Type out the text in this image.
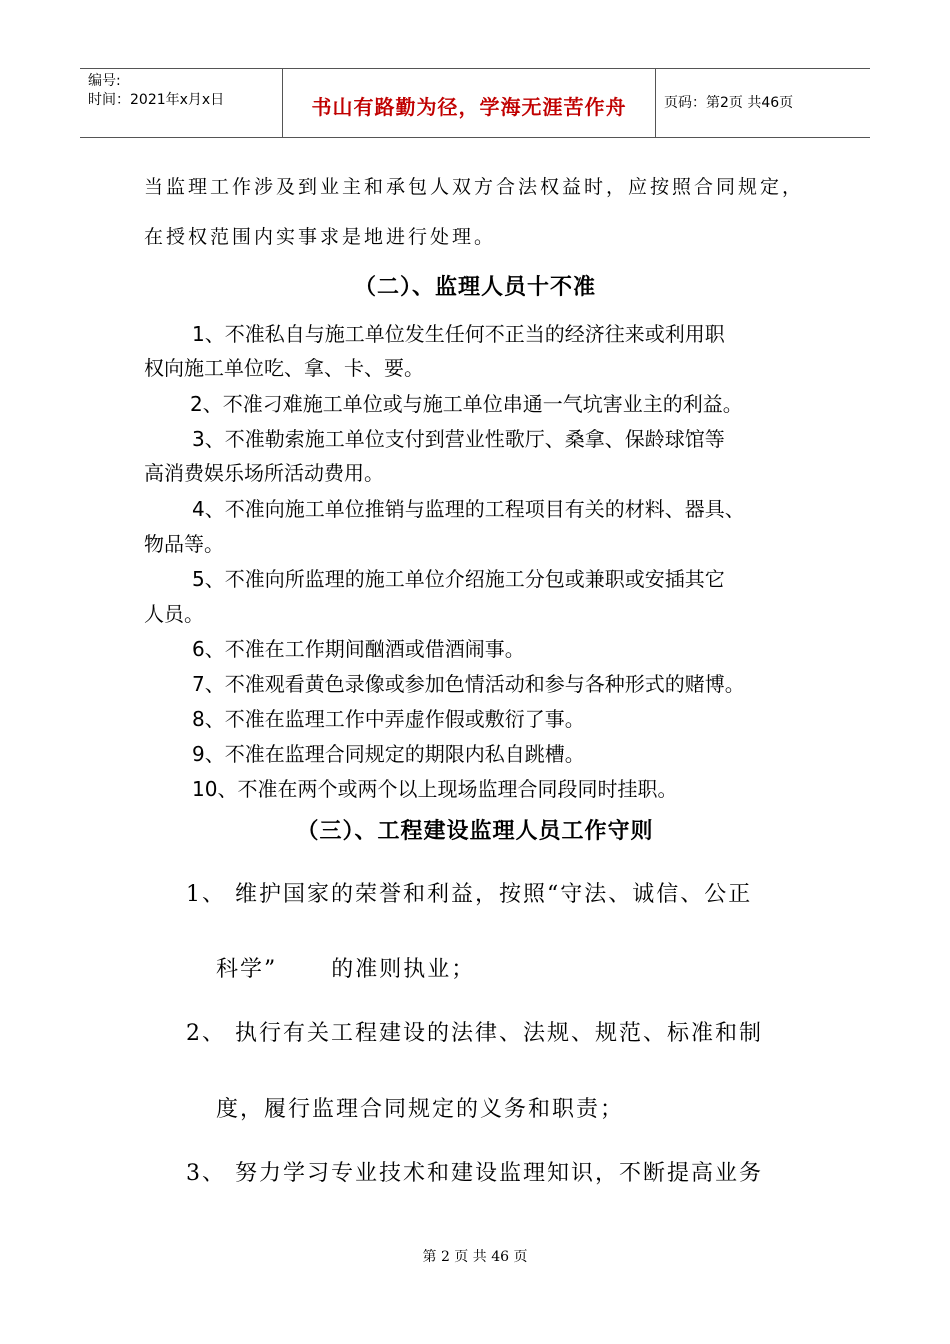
编号:
时间：2021年x月x日	书山有路勤为径，学海无涯苦作舟	页码：第2页 共46页
当监理工作涉及到业主和承包人双方合法权益时，应按照合同规定，
在授权范围内实事求是地进行处理。
（二）、监理人员十不准
1、不准私自与施工单位发生任何不正当的经济往来或利用职
权向施工单位吃、拿、卡、要。
2、不准刁难施工单位或与施工单位串通一气坑害业主的利益。
3、不准勒索施工单位支付到营业性歌厅、桑拿、保龄球馆等
高消费娱乐场所活动费用。
4、不准向施工单位推销与监理的工程项目有关的材料、器具、
物品等。
5、不准向所监理的施工单位介绍施工分包或兼职或安插其它
人员。
6、不准在工作期间酗酒或借酒闹事。
7、不准观看黄色录像或参加色情活动和参与各种形式的赌博。
8、不准在监理工作中弄虚作假或敷衍了事。
9、不准在监理合同规定的期限内私自跳槽。
10、不准在两个或两个以上现场监理合同段同时挂职。
（三）、工程建设监理人员工作守则
1、 维护国家的荣誉和利益，按照“守法、诚信、公正
科学”      的准则执业；
2、 执行有关工程建设的法律、法规、规范、标准和制
度，履行监理合同规定的义务和职责；
3、 努力学习专业技术和建设监理知识，不断提高业务
第 2 页 共 46 页
